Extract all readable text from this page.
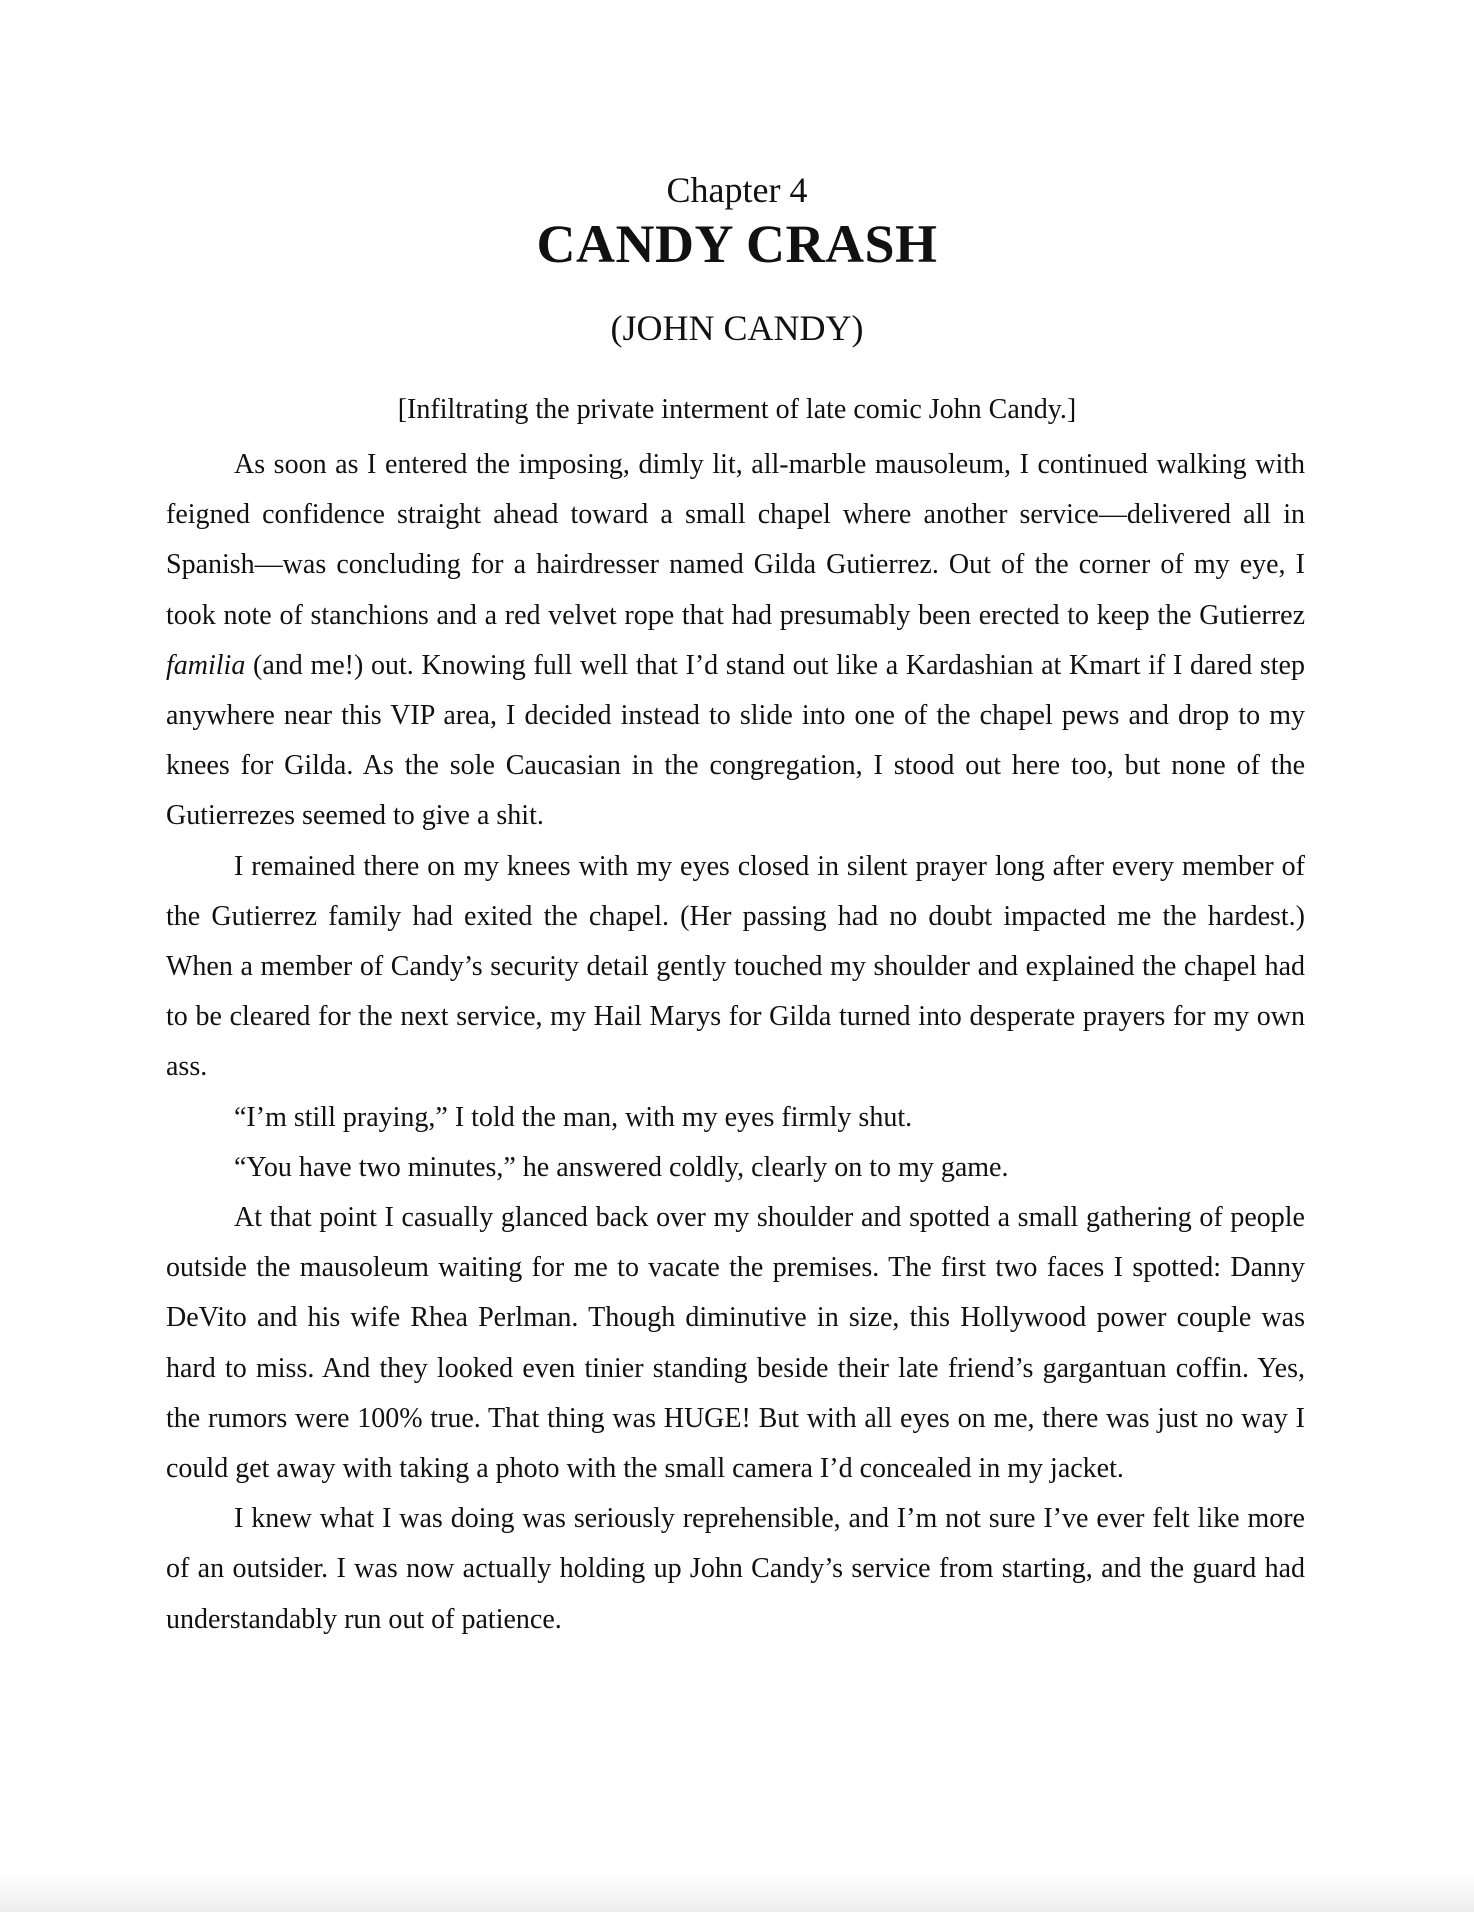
Chapter 4
CANDY CRASH
(JOHN CANDY)

[Infiltrating the private interment of late comic John Candy.]

As soon as I entered the imposing, dimly lit, all-marble mausoleum, I continued walking with feigned confidence straight ahead toward a small chapel where another service—delivered all in Spanish—was concluding for a hairdresser named Gilda Gutierrez. Out of the corner of my eye, I took note of stanchions and a red velvet rope that had presumably been erected to keep the Gutierrez familia (and me!) out. Knowing full well that I’d stand out like a Kardashian at Kmart if I dared step anywhere near this VIP area, I decided instead to slide into one of the chapel pews and drop to my knees for Gilda. As the sole Caucasian in the congregation, I stood out here too, but none of the Gutierrezes seemed to give a shit.

I remained there on my knees with my eyes closed in silent prayer long after every member of the Gutierrez family had exited the chapel. (Her passing had no doubt impacted me the hardest.) When a member of Candy’s security detail gently touched my shoulder and explained the chapel had to be cleared for the next service, my Hail Marys for Gilda turned into desperate prayers for my own ass.

“I’m still praying,” I told the man, with my eyes firmly shut.

“You have two minutes,” he answered coldly, clearly on to my game.

At that point I casually glanced back over my shoulder and spotted a small gathering of people outside the mausoleum waiting for me to vacate the premises. The first two faces I spotted: Danny DeVito and his wife Rhea Perlman. Though diminutive in size, this Hollywood power couple was hard to miss. And they looked even tinier standing beside their late friend’s gargantuan coffin. Yes, the rumors were 100% true. That thing was HUGE! But with all eyes on me, there was just no way I could get away with taking a photo with the small camera I’d concealed in my jacket.

I knew what I was doing was seriously reprehensible, and I’m not sure I’ve ever felt like more of an outsider. I was now actually holding up John Candy’s service from starting, and the guard had understandably run out of patience.
